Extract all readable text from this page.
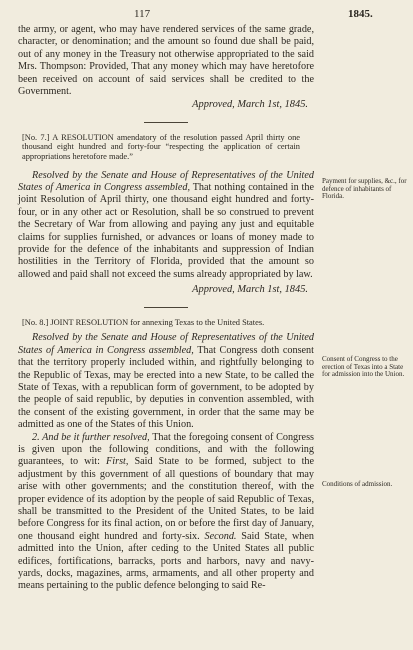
117	1845.

the army, or agent, who may have rendered services of the same grade, character, or denomination; and the amount so found due shall be paid, out of any money in the Treasury not otherwise appropriated to the said Mrs. Thompson: Provided, That any money which may have heretofore been received on account of said services shall be credited to the Government.

Approved, March 1st, 1845.

[No. 7.] A RESOLUTION amendatory of the resolution passed April thirty one thousand eight hundred and forty-four “respecting the application of certain appropriations heretofore made.”

Resolved by the Senate and House of Representatives of the United States of America in Congress assembled, That nothing contained in the joint Resolution of April thirty, one thousand eight hundred and forty-four, or in any other act or Resolution, shall be so construed to prevent the Secretary of War from allowing and paying any just and equitable claims for supplies furnished, or advances or loans of money made to provide for the defence of the inhabitants and suppression of Indian hostilities in the Territory of Florida, provided that the amount so allowed and paid shall not exceed the sums already appropriated by law.

Approved, March 1st, 1845.

[No. 8.] JOINT RESOLUTION for annexing Texas to the United States.

Resolved by the Senate and House of Representatives of the United States of America in Congress assembled, That Congress doth consent that the territory properly included within, and rightfully belonging to the Republic of Texas, may be erected into a new State, to be called the State of Texas, with a republican form of government, to be adopted by the people of said republic, by deputies in convention assembled, with the consent of the existing government, in order that the same may be admitted as one of the States of this Union.

2. And be it further resolved, That the foregoing consent of Congress is given upon the following conditions, and with the following guarantees, to wit: First, Said State to be formed, subject to the adjustment by this government of all questions of boundary that may arise with other governments; and the constitution thereof, with the proper evidence of its adoption by the people of said Republic of Texas, shall be transmitted to the President of the United States, to be laid before Congress for its final action, on or before the first day of January, one thousand eight hundred and forty-six. Second. Said State, when admitted into the Union, after ceding to the United States all public edifices, fortifications, barracks, ports and harbors, navy and navy-yards, docks, magazines, arms, armaments, and all other property and means pertaining to the public defence belonging to said Re-

Payment for supplies, &c., for defence of inhabitants of Florida.
Consent of Congress to the erection of Texas into a State for admission into the Union.
Conditions of admission.
